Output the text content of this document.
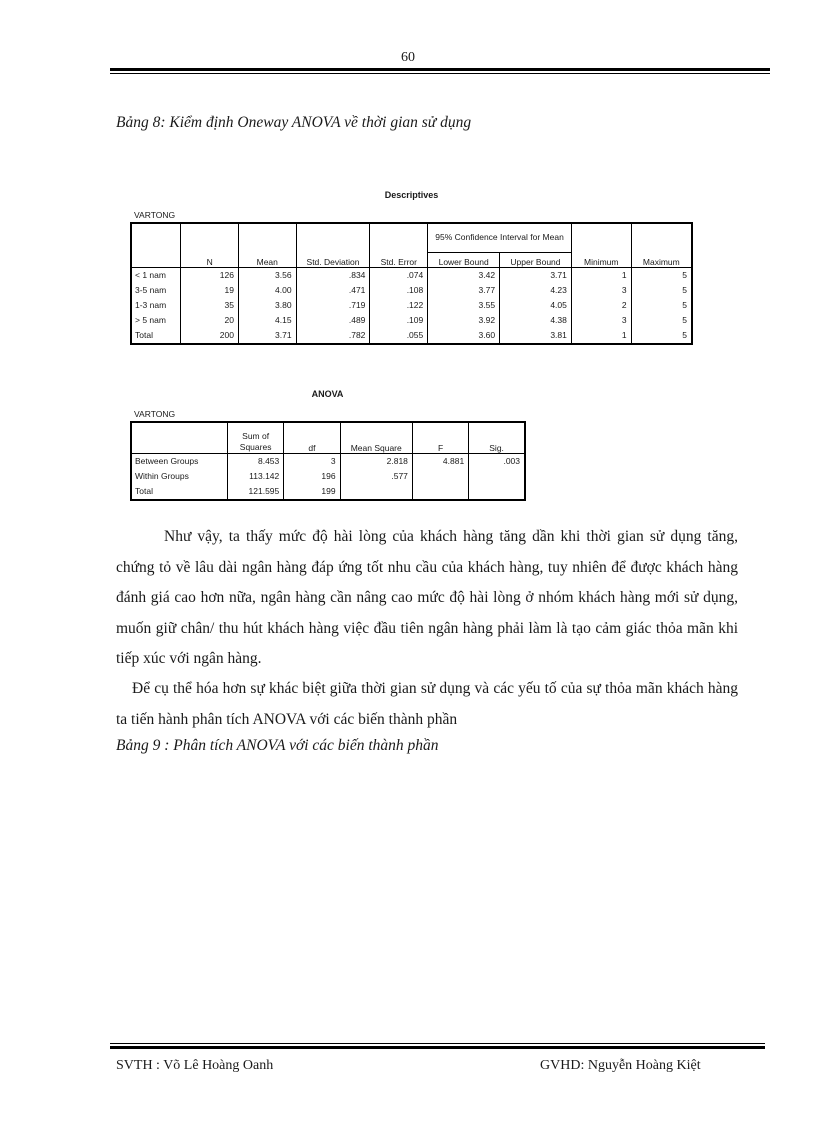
60
Bảng 8: Kiểm định Oneway ANOVA về thời gian sử dụng
Descriptives
VARTONG
	N	Mean	Std. Deviation	Std. Error	95% Confidence Interval for Mean		Minimum	Maximum
					Lower Bound	Upper Bound		
< 1 nam	126	3.56	.834	.074	3.42	3.71	1	5
3-5 nam	19	4.00	.471	.108	3.77	4.23	3	5
1-3 nam	35	3.80	.719	.122	3.55	4.05	2	5
> 5 nam	20	4.15	.489	.109	3.92	4.38	3	5
Total	200	3.71	.782	.055	3.60	3.81	1	5
ANOVA
VARTONG
	Sum of Squares	df	Mean Square	F	Sig.
Between Groups	8.453	3	2.818	4.881	.003
Within Groups	113.142	196	.577		
Total	121.595	199			

Như vậy, ta thấy mức độ hài lòng của khách hàng tăng dần khi thời gian sử dụng tăng, chứng tỏ về lâu dài ngân hàng đáp ứng tốt nhu cầu của khách hàng, tuy nhiên để được khách hàng đánh giá cao hơn nữa, ngân hàng cần nâng cao mức độ hài lòng ở nhóm khách hàng mới sử dụng, muốn giữ chân/ thu hút khách hàng việc đầu tiên ngân hàng phải làm là tạo cảm giác thỏa mãn khi tiếp xúc với ngân hàng.

Để cụ thể hóa hơn sự khác biệt giữa thời gian sử dụng và các yếu tố của sự thỏa mãn khách hàng ta tiến hành phân tích ANOVA với các biến thành phần

Bảng 9 : Phân tích ANOVA với các biến thành phần
SVTH : Võ Lê Hoàng Oanh	GVHD: Nguyễn Hoàng Kiệt
